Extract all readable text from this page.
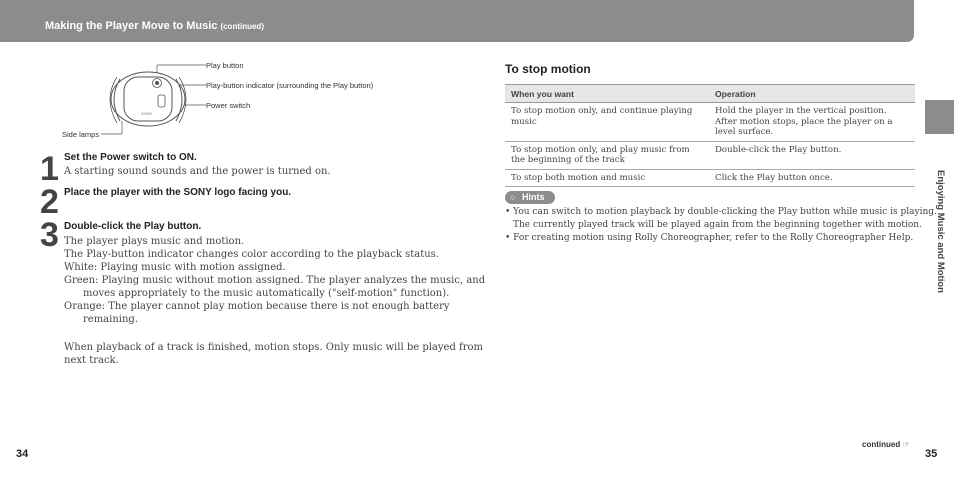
Making the Player Move to Music (continued)
Enjoying Music and Motion
SONY
Play button
Play-button indicator (surrounding the Play button)
Power switch
Side lamps
1 Set the Power switch to ON.
A starting sound sounds and the power is turned on.
2 Place the player with the SONY logo facing you.
3 Double-click the Play button.
The player plays music and motion.
The Play-button indicator changes color according to the playback status.
White: Playing music with motion assigned.
Green: Playing music without motion assigned. The player analyzes the music, and
moves appropriately to the music automatically ("self-motion" function).
Orange: The player cannot play motion because there is not enough battery
remaining.
When playback of a track is finished, motion stops. Only music will be played from
next track.
To stop motion
When you want	Operation
To stop motion only, and continue playing music	Hold the player in the vertical position. After motion stops, place the player on a level surface.
To stop motion only, and play music from the beginning of the track	Double-click the Play button.
To stop both motion and music	Click the Play button once.
○ Hints
• You can switch to motion playback by double-clicking the Play button while music is playing.
The currently played track will be played again from the beginning together with motion.
• For creating motion using Rolly Choreographer, refer to the Rolly Choreographer Help.
34
continued ☞
35
